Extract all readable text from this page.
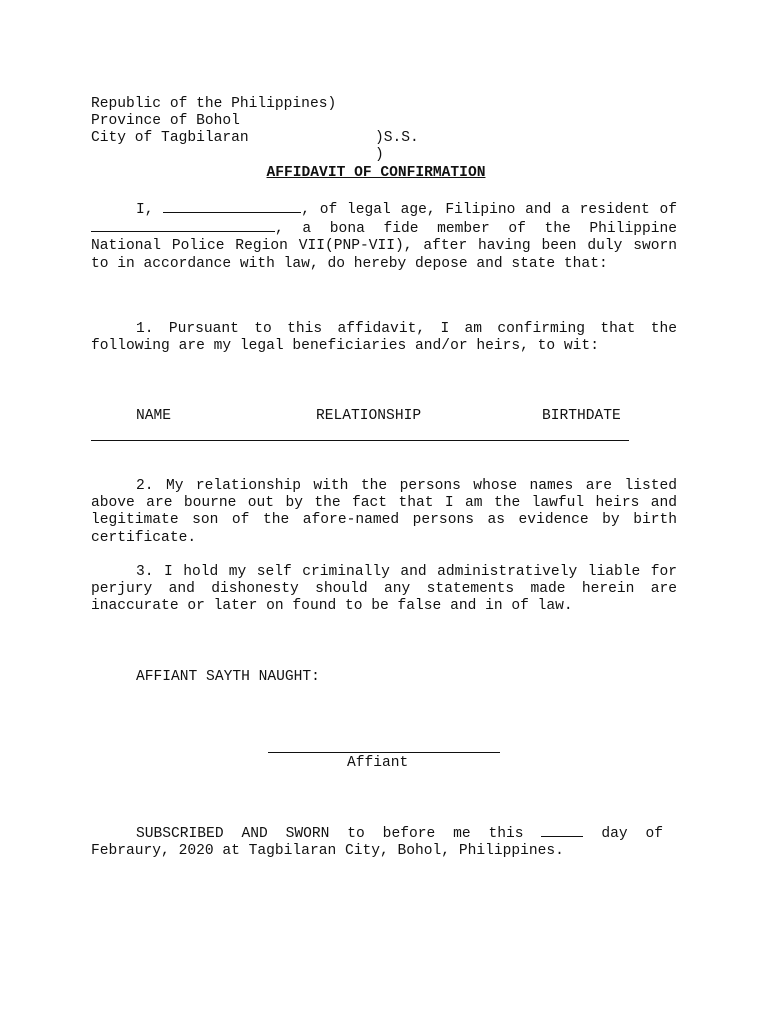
Republic of the Philippines)

Province of Bohol

)S.S.

City of Tagbilaran

)

AFFIDAVIT OF CONFIRMATION
I,	, of legal age, Filipino and a resident of , a bona fide member of the Philippine National Police Region VII(PNP-VII), after having been duly sworn to in accordance with law, do hereby depose and state that:
1. Pursuant to this affidavit, I am confirming that the following are my legal beneficiaries and/or heirs, to wit:
NAME	RELATIONSHIP	BIRTHDATE
2. My relationship with the persons whose names are listed above are bourne out by the fact that I am the lawful heirs and legitimate son of the afore-named persons as evidence by birth certificate.
3. I hold my self criminally and administratively liable for perjury and dishonesty should any statements made herein are inaccurate or later on found to be false and in of law.
AFFIANT SAYTH NAUGHT:
Affiant
SUBSCRIBED AND SWORN to before me this	day of Febraury, 2020 at Tagbilaran City, Bohol, Philippines.
